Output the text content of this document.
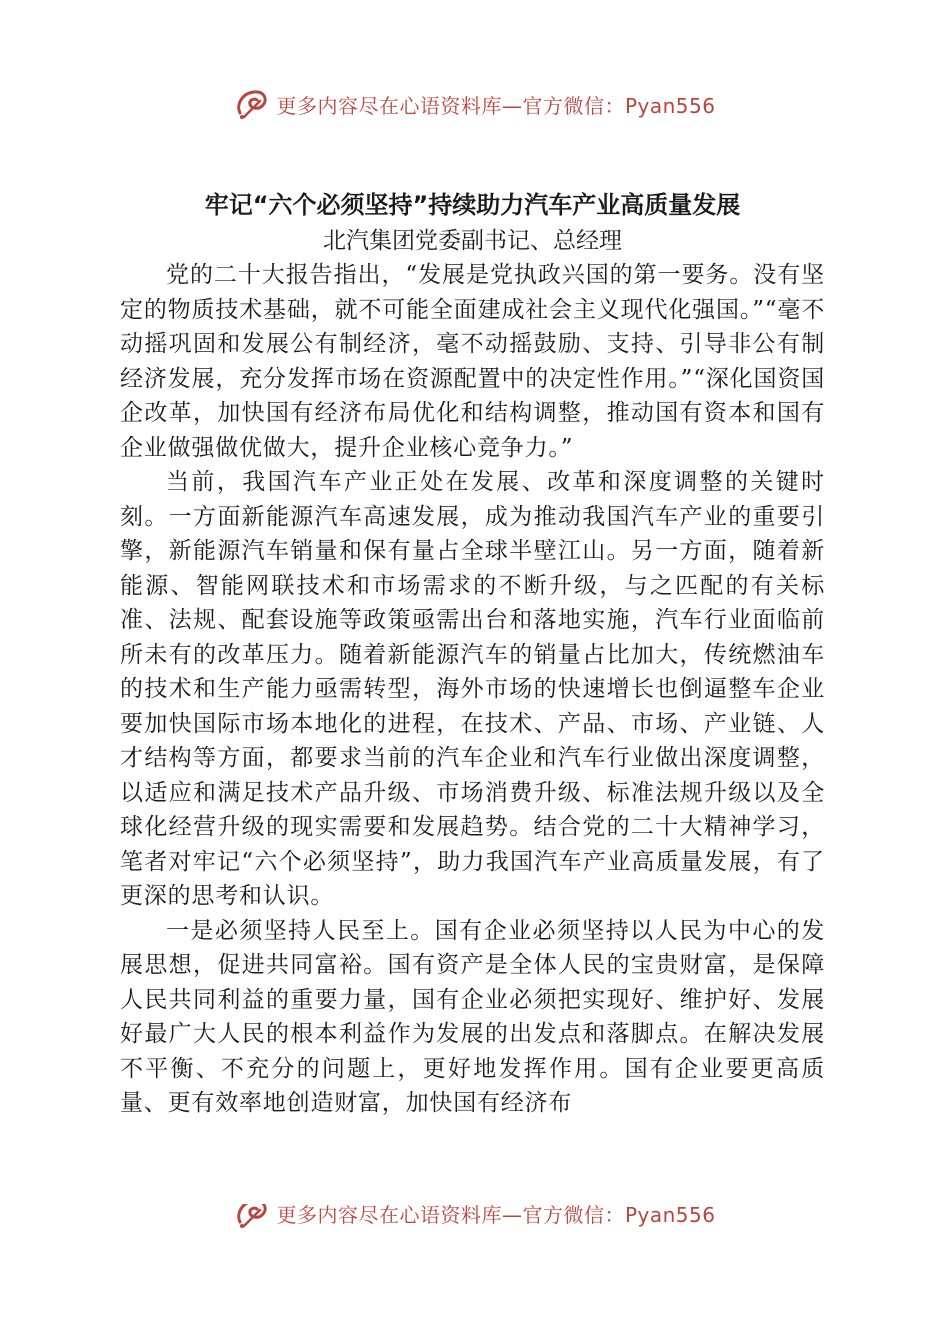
更多内容尽在心语资料库—官方微信：Pyan556

牢记“六个必须坚持”持续助力汽车产业高质量发展

北汽集团党委副书记、总经理

党的二十大报告指出，“发展是党执政兴国的第一要务。没有坚定的物质技术基础，就不可能全面建成社会主义现代化强国。”“毫不动摇巩固和发展公有制经济，毫不动摇鼓励、支持、引导非公有制经济发展，充分发挥市场在资源配置中的决定性作用。”“深化国资国企改革，加快国有经济布局优化和结构调整，推动国有资本和国有企业做强做优做大，提升企业核心竞争力。”

当前，我国汽车产业正处在发展、改革和深度调整的关键时刻。一方面新能源汽车高速发展，成为推动我国汽车产业的重要引擎，新能源汽车销量和保有量占全球半壁江山。另一方面，随着新能源、智能网联技术和市场需求的不断升级，与之匹配的有关标准、法规、配套设施等政策亟需出台和落地实施，汽车行业面临前所未有的改革压力。随着新能源汽车的销量占比加大，传统燃油车的技术和生产能力亟需转型，海外市场的快速增长也倒逼整车企业要加快国际市场本地化的进程，在技术、产品、市场、产业链、人才结构等方面，都要求当前的汽车企业和汽车行业做出深度调整，以适应和满足技术产品升级、市场消费升级、标准法规升级以及全球化经营升级的现实需要和发展趋势。结合党的二十大精神学习，笔者对牢记“六个必须坚持”，助力我国汽车产业高质量发展，有了更深的思考和认识。

一是必须坚持人民至上。国有企业必须坚持以人民为中心的发展思想，促进共同富裕。国有资产是全体人民的宝贵财富，是保障人民共同利益的重要力量，国有企业必须把实现好、维护好、发展好最广大人民的根本利益作为发展的出发点和落脚点。在解决发展不平衡、不充分的问题上，更好地发挥作用。国有企业要更高质量、更有效率地创造财富，加快国有经济布

更多内容尽在心语资料库—官方微信：Pyan556
